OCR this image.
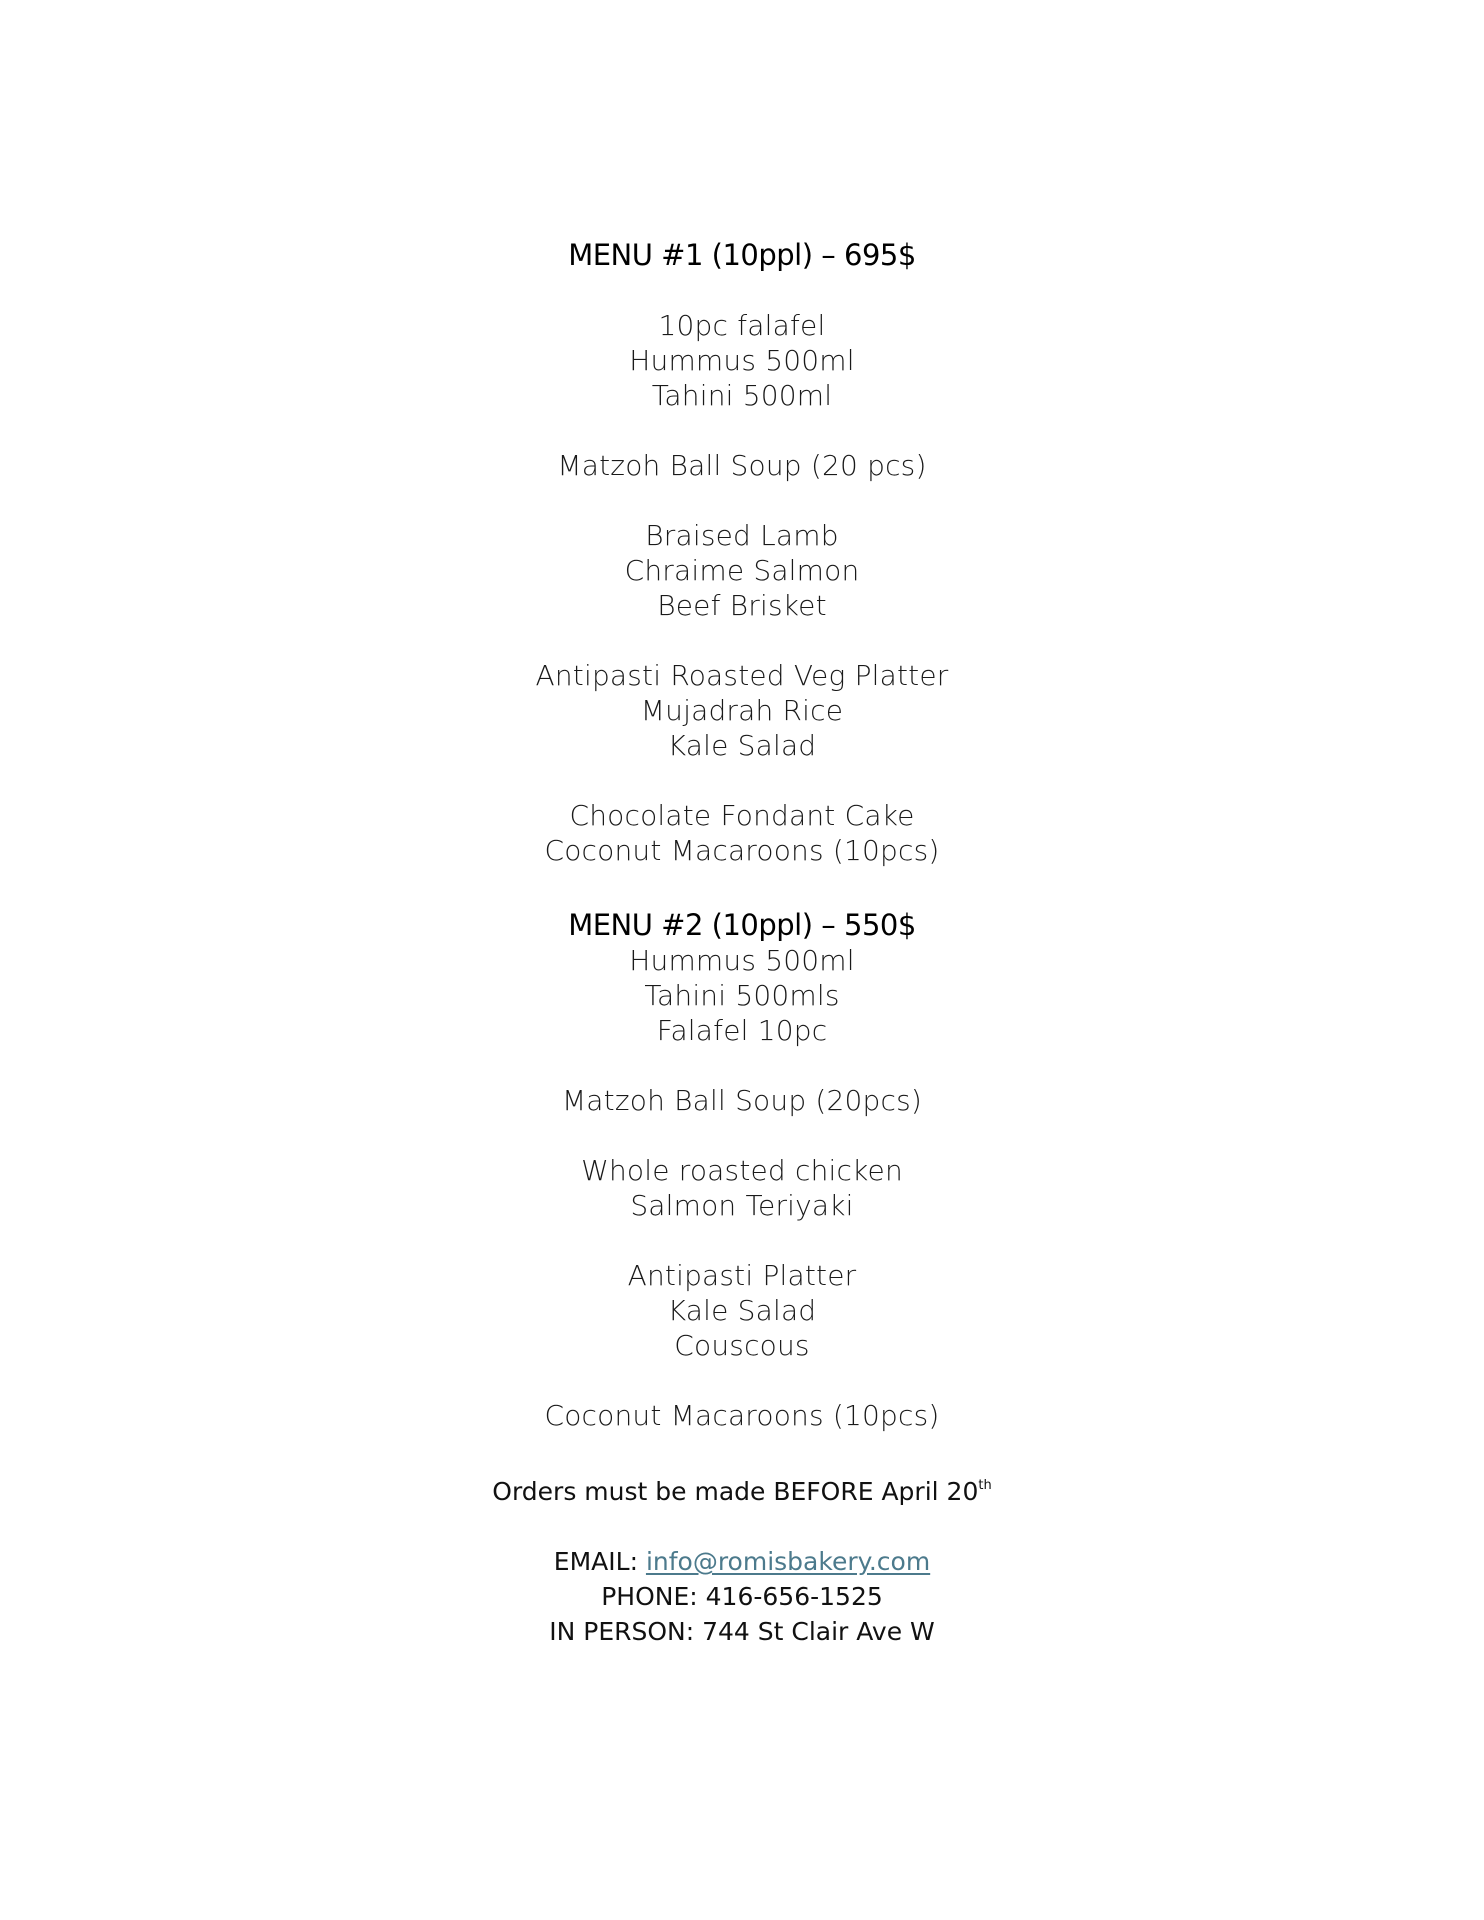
MENU #1 (10ppl) – 695$
10pc falafel
Hummus 500ml
Tahini 500ml
Matzoh Ball Soup (20 pcs)
Braised Lamb
Chraime Salmon
Beef Brisket
Antipasti Roasted Veg Platter
Mujadrah Rice
Kale Salad
Chocolate Fondant Cake
Coconut Macaroons (10pcs)
MENU #2 (10ppl) – 550$
Hummus 500ml
Tahini 500mls
Falafel 10pc
Matzoh Ball Soup (20pcs)
Whole roasted chicken
Salmon Teriyaki
Antipasti Platter
Kale Salad
Couscous
Coconut Macaroons (10pcs)
Orders must be made BEFORE April 20th
EMAIL: info@romisbakery.com
PHONE: 416-656-1525
IN PERSON: 744 St Clair Ave W
